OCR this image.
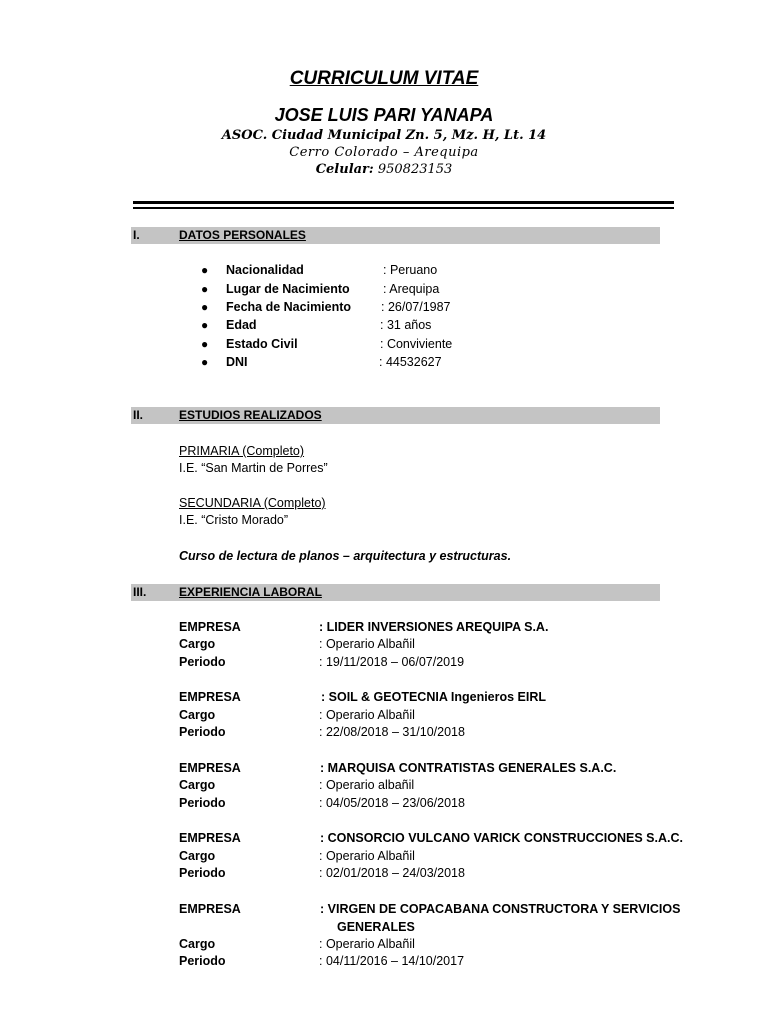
CURRICULUM VITAE
JOSE LUIS PARI YANAPA
ASOC. Ciudad Municipal Zn. 5, Mz. H, Lt. 14
Cerro Colorado – Arequipa
Celular: 950823153
I.	DATOS PERSONALES
● Nacionalidad	: Peruano
● Lugar de Nacimiento	: Arequipa
● Fecha de Nacimiento : 26/07/1987
● Edad	: 31 años
● Estado Civil	: Conviviente
● DNI	: 44532627
II.	ESTUDIOS REALIZADOS
PRIMARIA (Completo)
I.E. “San Martin de Porres”
SECUNDARIA (Completo)
I.E. “Cristo Morado”
Curso de lectura de planos – arquitectura y estructuras.
III.	EXPERIENCIA LABORAL
EMPRESA	: LIDER INVERSIONES AREQUIPA S.A.
Cargo	: Operario Albañil
Periodo	: 19/11/2018 – 06/07/2019
EMPRESA	: SOIL & GEOTECNIA Ingenieros EIRL
Cargo	: Operario Albañil
Periodo	: 22/08/2018 – 31/10/2018
EMPRESA	: MARQUISA CONTRATISTAS GENERALES S.A.C.
Cargo	: Operario albañil
Periodo	: 04/05/2018 – 23/06/2018
EMPRESA	: CONSORCIO VULCANO VARICK CONSTRUCCIONES S.A.C.
Cargo	: Operario Albañil
Periodo	: 02/01/2018 – 24/03/2018
EMPRESA	: VIRGEN DE COPACABANA CONSTRUCTORA Y SERVICIOS
GENERALES
Cargo	: Operario Albañil
Periodo	: 04/11/2016 – 14/10/2017
